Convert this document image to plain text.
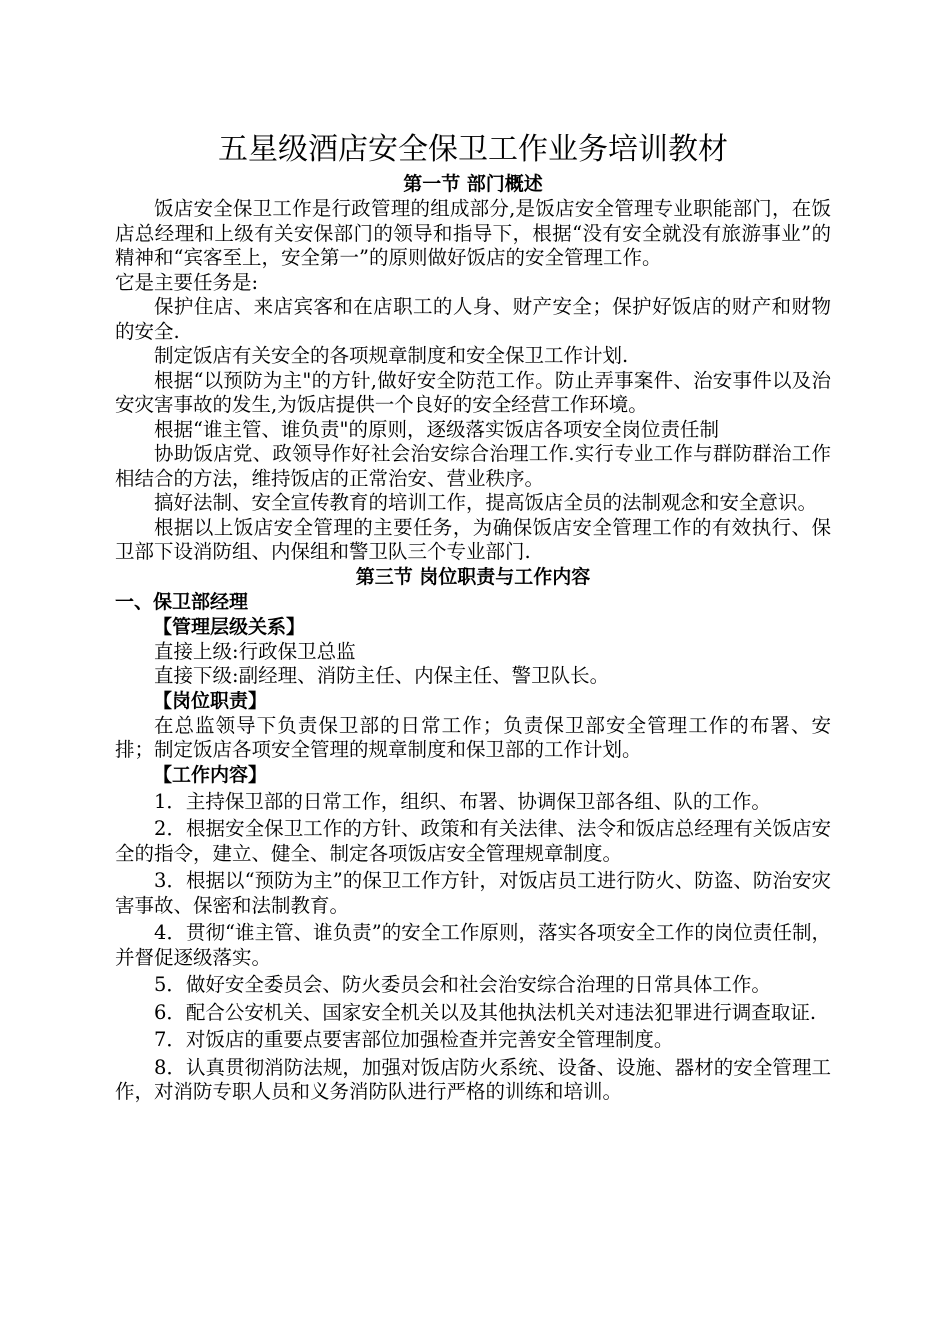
五星级酒店安全保卫工作业务培训教材
第一节 部门概述

饭店安全保卫工作是行政管理的组成部分,是饭店安全管理专业职能部门，在饭店总经理和上级有关安保部门的领导和指导下，根据“没有安全就没有旅游事业”的精神和“宾客至上，安全第一”的原则做好饭店的安全管理工作。

它是主要任务是:

保护住店、来店宾客和在店职工的人身、财产安全；保护好饭店的财产和财物的安全.

制定饭店有关安全的各项规章制度和安全保卫工作计划.

根据“以预防为主"的方针,做好安全防范工作。防止弄事案件、治安事件以及治安灾害事故的发生,为饭店提供一个良好的安全经营工作环境。

根据“谁主管、谁负责"的原则，逐级落实饭店各项安全岗位责任制

协助饭店党、政领导作好社会治安综合治理工作.实行专业工作与群防群治工作相结合的方法，维持饭店的正常治安、营业秩序。

搞好法制、安全宣传教育的培训工作，提高饭店全员的法制观念和安全意识。

根据以上饭店安全管理的主要任务，为确保饭店安全管理工作的有效执行、保卫部下设消防组、内保组和警卫队三个专业部门.

第三节 岗位职责与工作内容
一、保卫部经理

【管理层级关系】

直接上级:行政保卫总监

直接下级:副经理、消防主任、内保主任、警卫队长。

【岗位职责】

在总监领导下负责保卫部的日常工作；负责保卫部安全管理工作的布署、安排；制定饭店各项安全管理的规章制度和保卫部的工作计划。

【工作内容】

1．主持保卫部的日常工作，组织、布署、协调保卫部各组、队的工作。

2．根据安全保卫工作的方针、政策和有关法律、法令和饭店总经理有关饭店安全的指令，建立、健全、制定各项饭店安全管理规章制度。

3．根据以“预防为主”的保卫工作方针，对饭店员工进行防火、防盗、防治安灾害事故、保密和法制教育。

4．贯彻“谁主管、谁负责”的安全工作原则，落实各项安全工作的岗位责任制，并督促逐级落实。

5．做好安全委员会、防火委员会和社会治安综合治理的日常具体工作。

6．配合公安机关、国家安全机关以及其他执法机关对违法犯罪进行调查取证.

7．对饭店的重要点要害部位加强检查并完善安全管理制度。

8．认真贯彻消防法规，加强对饭店防火系统、设备、设施、器材的安全管理工作，对消防专职人员和义务消防队进行严格的训练和培训。
